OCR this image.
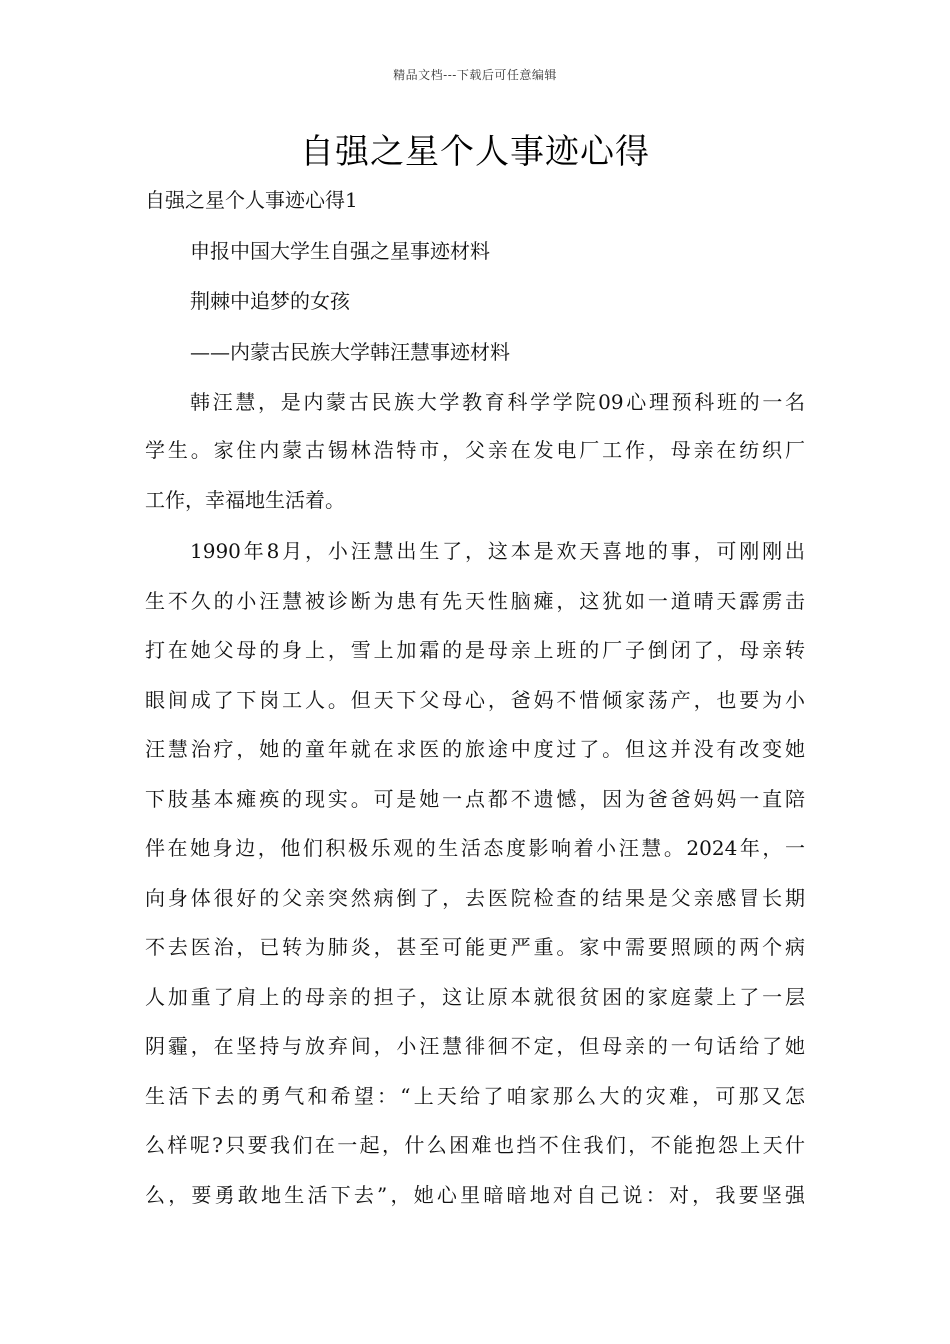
精品文档---下载后可任意编辑
自强之星个人事迹心得
自强之星个人事迹心得1
申报中国大学生自强之星事迹材料
荆棘中追梦的女孩
——内蒙古民族大学韩汪慧事迹材料
韩汪慧，是内蒙古民族大学教育科学学院09心理预科班的一名
学生。家住内蒙古锡林浩特市，父亲在发电厂工作，母亲在纺织厂
工作，幸福地生活着。
1990年8月，小汪慧出生了，这本是欢天喜地的事，可刚刚出
生不久的小汪慧被诊断为患有先天性脑瘫，这犹如一道晴天霹雳击
打在她父母的身上，雪上加霜的是母亲上班的厂子倒闭了，母亲转
眼间成了下岗工人。但天下父母心，爸妈不惜倾家荡产，也要为小
汪慧治疗，她的童年就在求医的旅途中度过了。但这并没有改变她
下肢基本瘫痪的现实。可是她一点都不遗憾，因为爸爸妈妈一直陪
伴在她身边，他们积极乐观的生活态度影响着小汪慧。2024年，一
向身体很好的父亲突然病倒了，去医院检查的结果是父亲感冒长期
不去医治，已转为肺炎，甚至可能更严重。家中需要照顾的两个病
人加重了肩上的母亲的担子，这让原本就很贫困的家庭蒙上了一层
阴霾，在坚持与放弃间，小汪慧徘徊不定，但母亲的一句话给了她
生活下去的勇气和希望：“上天给了咱家那么大的灾难，可那又怎
么样呢?只要我们在一起，什么困难也挡不住我们，不能抱怨上天什
么，要勇敢地生活下去”，她心里暗暗地对自己说：对，我要坚强
